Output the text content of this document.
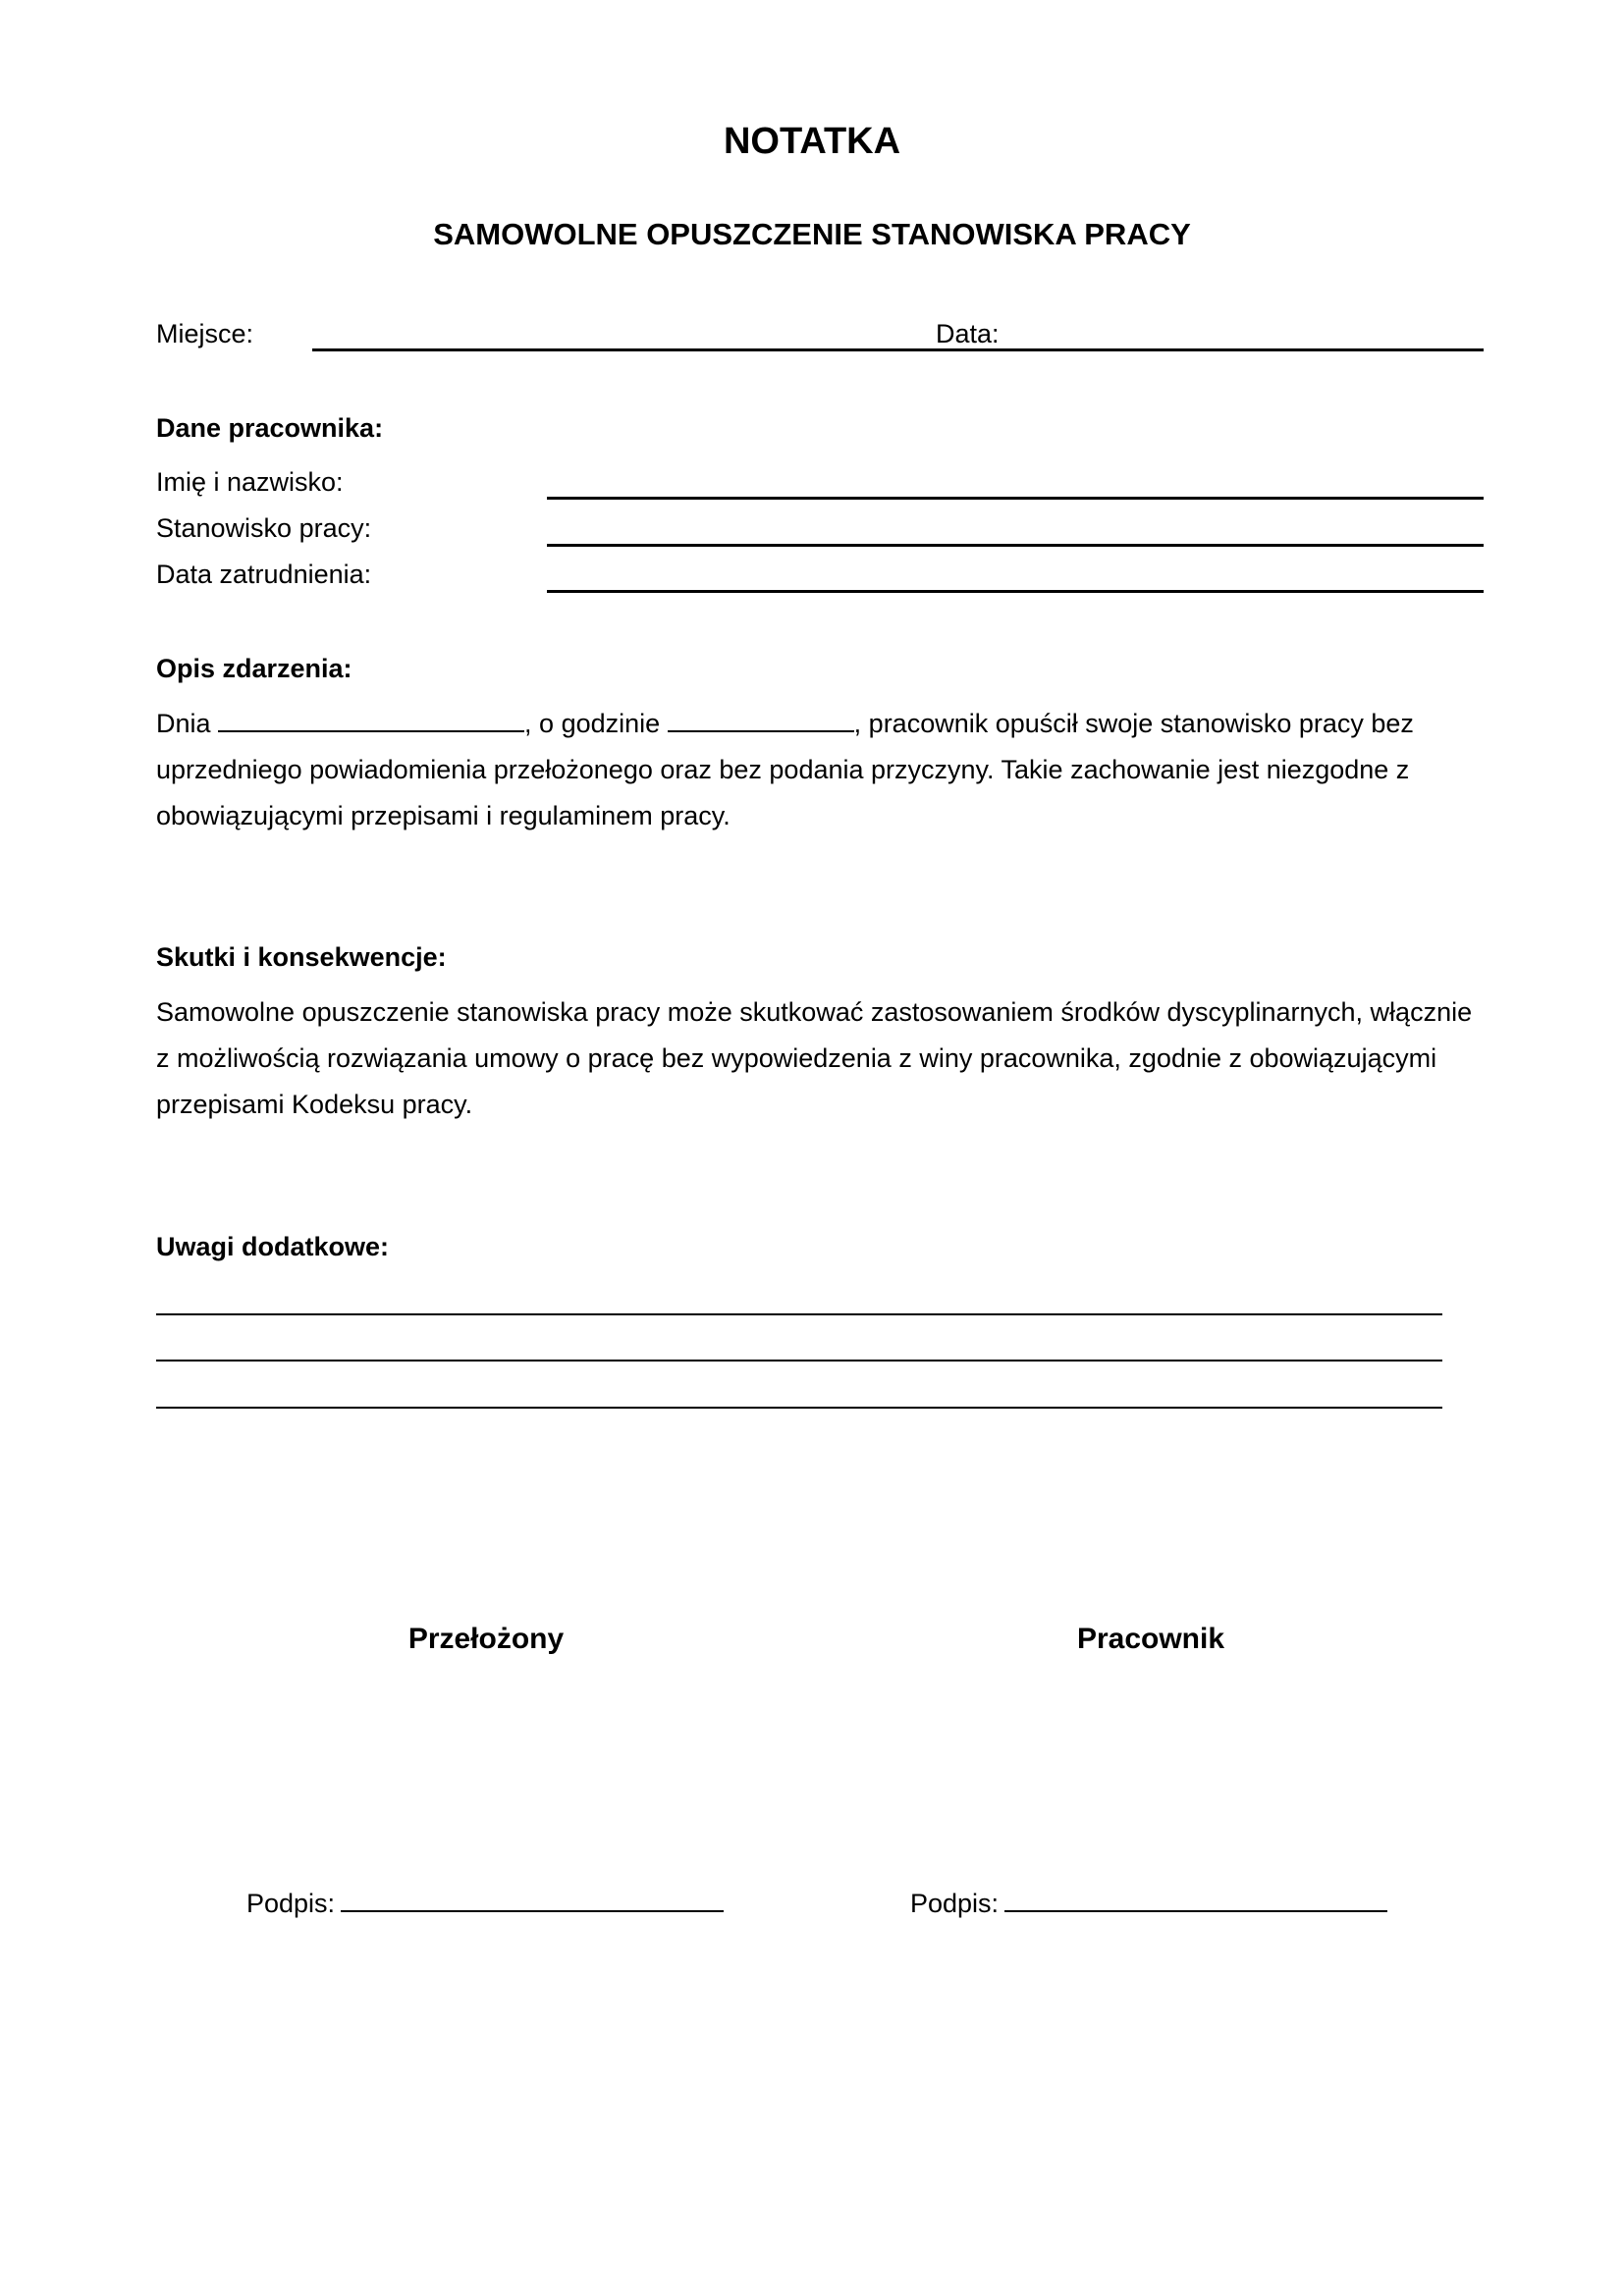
NOTATKA
SAMOWOLNE OPUSZCZENIE STANOWISKA PRACY
Miejsce:	Data:
Dane pracownika:
Imię i nazwisko:
Stanowisko pracy:
Data zatrudnienia:
Opis zdarzenia:
Dnia	, o godzinie	, pracownik opuścił swoje stanowisko pracy bez uprzedniego powiadomienia przełożonego oraz bez podania przyczyny. Takie zachowanie jest niezgodne z obowiązującymi przepisami i regulaminem pracy.
Skutki i konsekwencje:
Samowolne opuszczenie stanowiska pracy może skutkować zastosowaniem środków dyscyplinarnych, włącznie z możliwością rozwiązania umowy o pracę bez wypowiedzenia z winy pracownika, zgodnie z obowiązującymi przepisami Kodeksu pracy.
Uwagi dodatkowe:
Przełożony	Pracownik
Podpis:	Podpis:
